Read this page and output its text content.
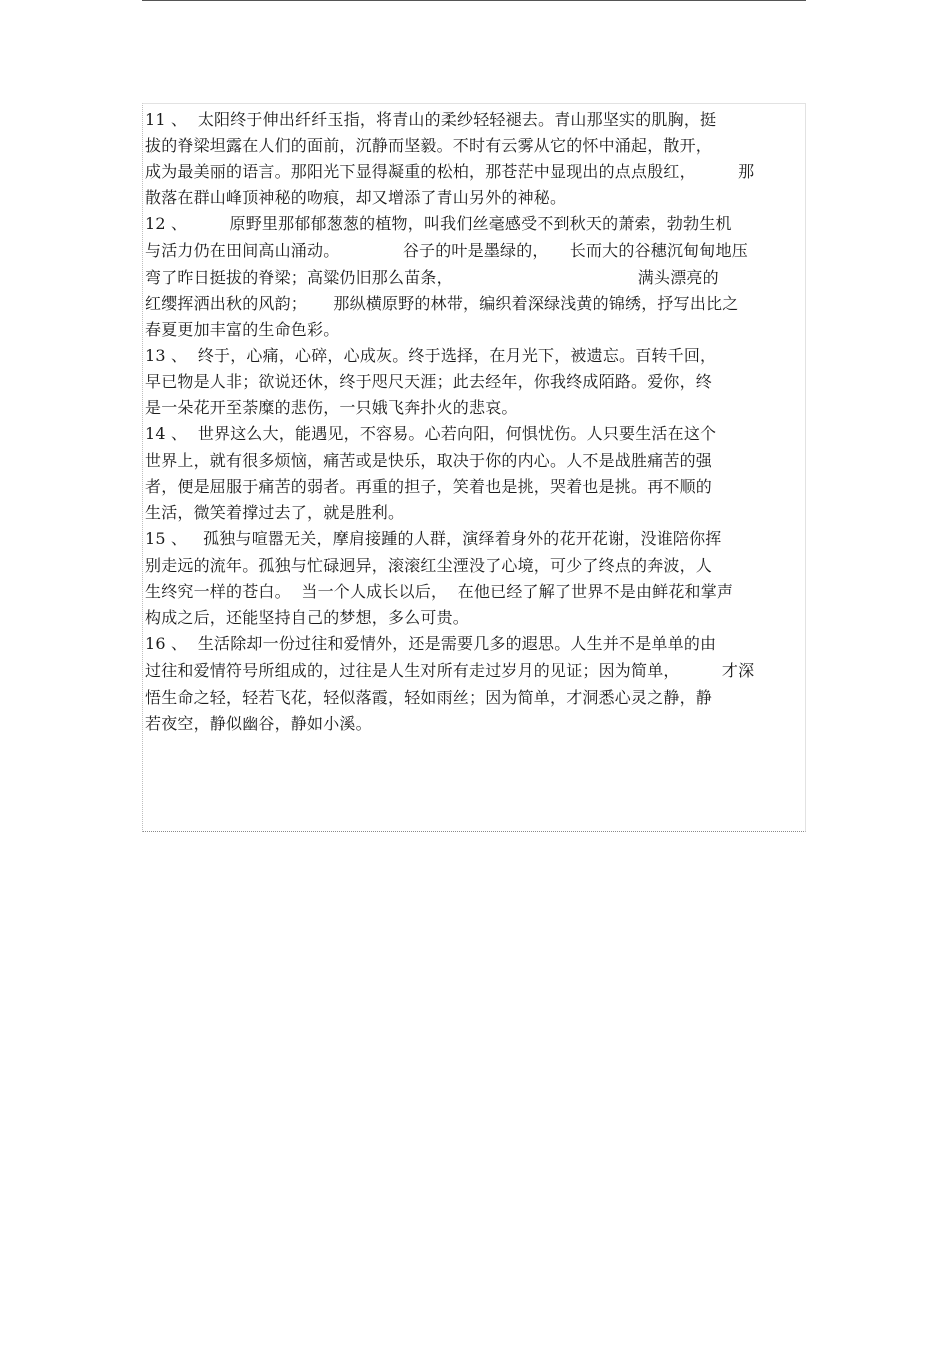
11 、  太阳终于伸出纤纤玉指，将青山的柔纱轻轻褪去。青山那坚实的肌胸，挺
拔的脊梁坦露在人们的面前，沉静而坚毅。不时有云雾从它的怀中涌起，散开，
成为最美丽的语言。那阳光下显得凝重的松柏，那苍茫中显现出的点点殷红，        那
散落在群山峰顶神秘的吻痕，却又增添了青山另外的神秘。
12 、        原野里那郁郁葱葱的植物，叫我们丝毫感受不到秋天的萧索，勃勃生机
与活力仍在田间高山涌动。            谷子的叶是墨绿的，    长而大的谷穗沉甸甸地压
弯了昨日挺拔的脊梁；高粱仍旧那么苗条，                                   满头漂亮的
红缨挥洒出秋的风韵；     那纵横原野的林带，编织着深绿浅黄的锦绣，抒写出比之
春夏更加丰富的生命色彩。
13 、  终于，心痛，心碎，心成灰。终于选择，在月光下，被遗忘。百转千回，
早已物是人非；欲说还休，终于咫尺天涯；此去经年，你我终成陌路。爱你，终
是一朵花开至荼糜的悲伤，一只娥飞奔扑火的悲哀。
14 、  世界这么大，能遇见，不容易。心若向阳，何惧忧伤。人只要生活在这个
世界上，就有很多烦恼，痛苦或是快乐，取决于你的内心。人不是战胜痛苦的强
者，便是屈服于痛苦的弱者。再重的担子，笑着也是挑，哭着也是挑。再不顺的
生活，微笑着撑过去了，就是胜利。
15 、   孤独与喧嚣无关，摩肩接踵的人群，演绎着身外的花开花谢，没谁陪你挥
别走远的流年。孤独与忙碌迥异，滚滚红尘湮没了心境，可少了终点的奔波，人
生终究一样的苍白。  当一个人成长以后，  在他已经了解了世界不是由鲜花和掌声
构成之后，还能坚持自己的梦想，多么可贵。
16 、  生活除却一份过往和爱情外，还是需要几多的遐思。人生并不是单单的由
过往和爱情符号所组成的，过往是人生对所有走过岁月的见证；因为简单，        才深
悟生命之轻，轻若飞花，轻似落霞，轻如雨丝；因为简单，才洞悉心灵之静，静
若夜空，静似幽谷，静如小溪。
